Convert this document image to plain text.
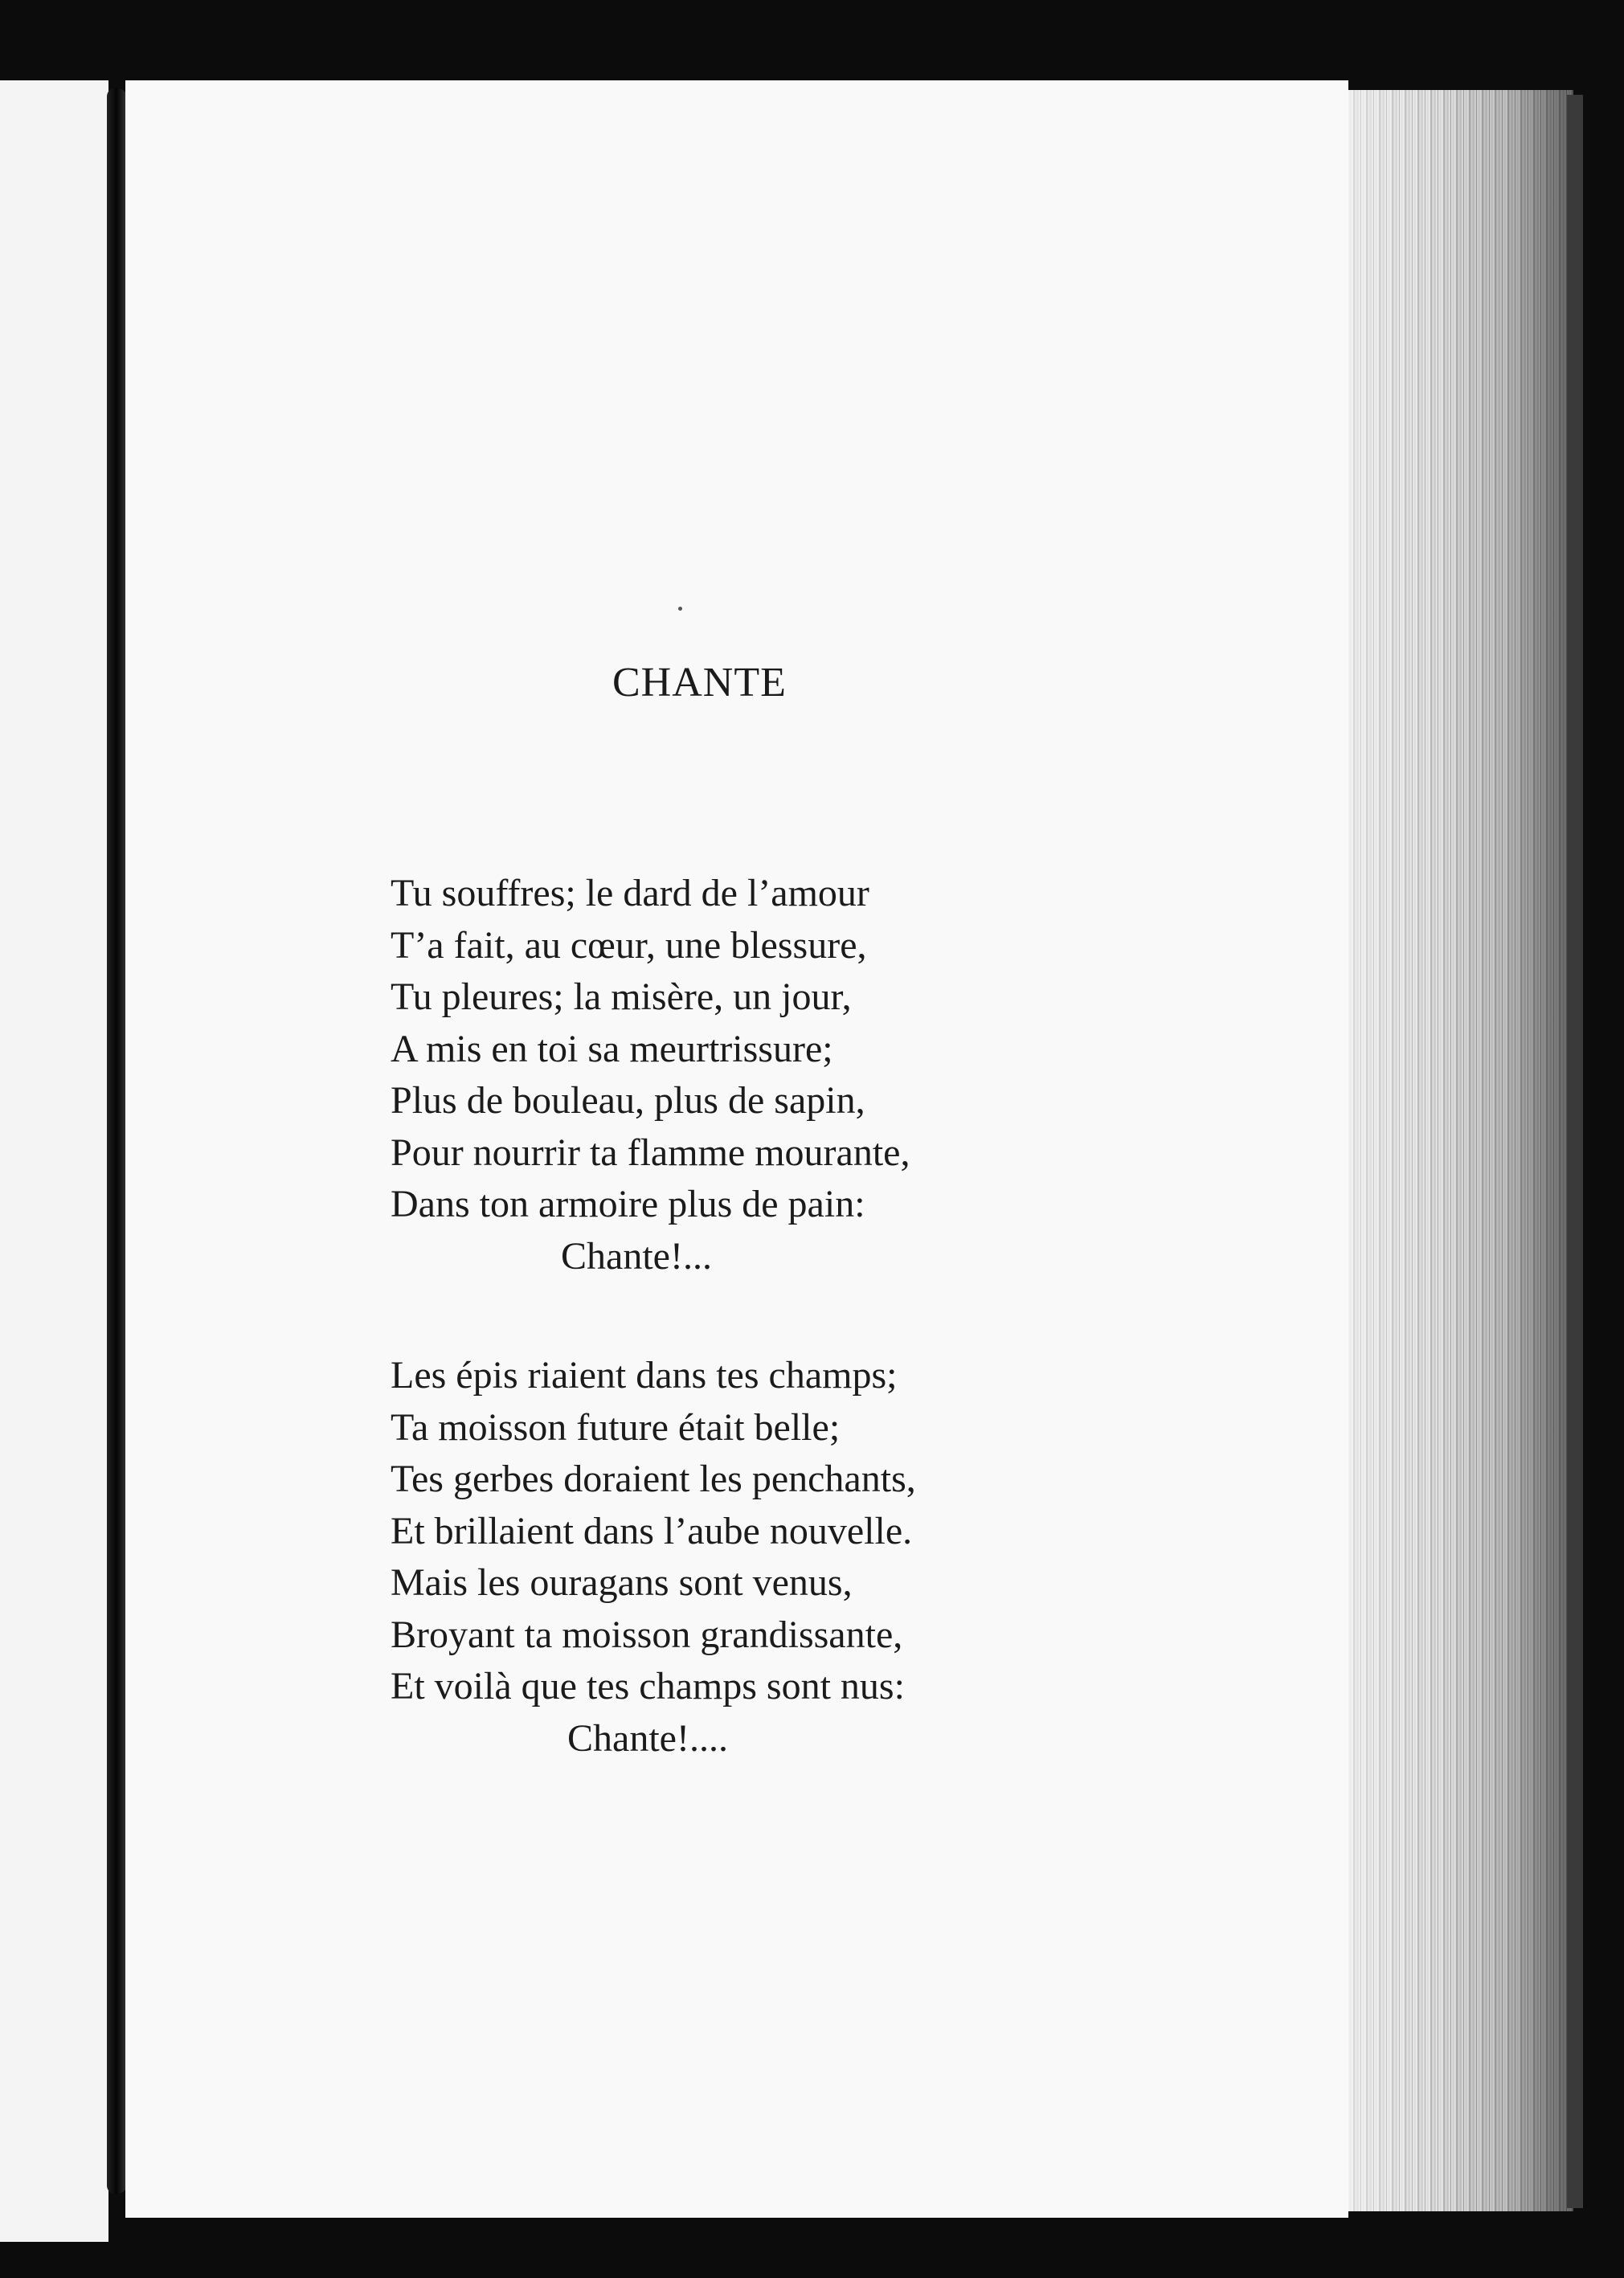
CHANTE
Tu souffres; le dard de l’amour
T’a fait, au cœur, une blessure,
Tu pleures; la misère, un jour,
A mis en toi sa meurtrissure;
Plus de bouleau, plus de sapin,
Pour nourrir ta flamme mourante,
Dans ton armoire plus de pain:
Chante!...
Les épis riaient dans tes champs;
Ta moisson future était belle;
Tes gerbes doraient les penchants,
Et brillaient dans l’aube nouvelle.
Mais les ouragans sont venus,
Broyant ta moisson grandissante,
Et voilà que tes champs sont nus:
Chante!....
